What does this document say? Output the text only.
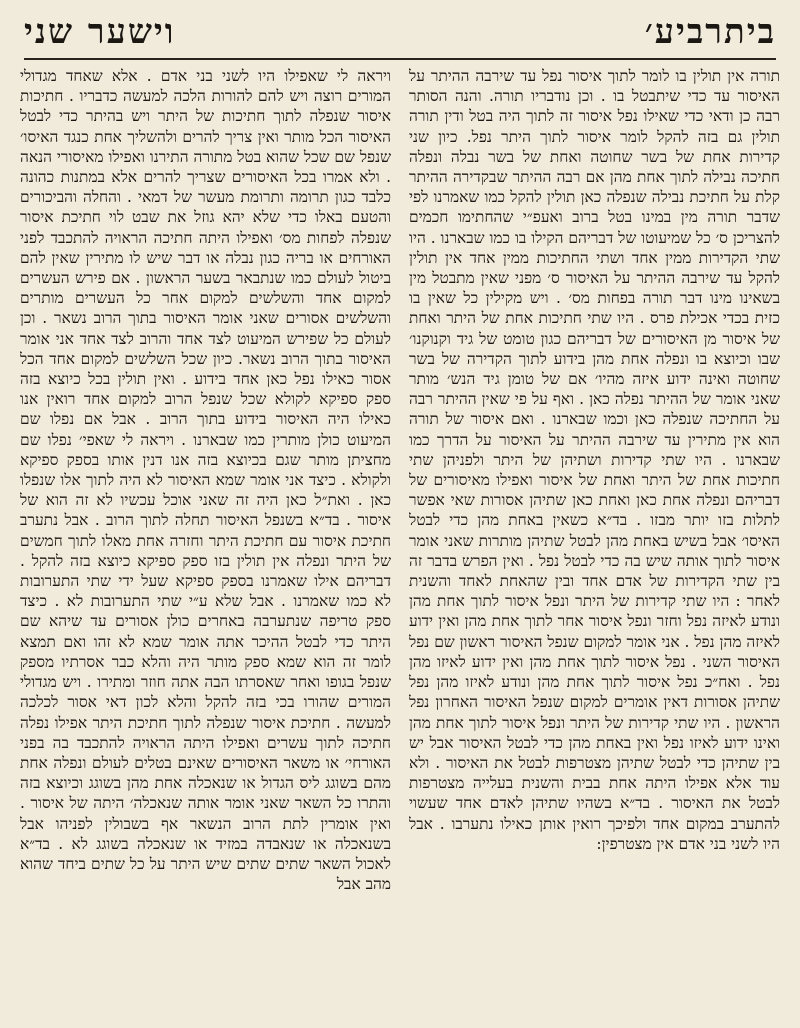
ביתרביע׳
וישער שני

תורה אין תולין בו לומר לתוך איסור נפל עד שירבה ההיתר על האיסור עד כדי שיתבטל בו . וכן נודבריו תורה. והנה הסותר רבה כן ודאי כדי שאילו נפל איסור זה לתוך היה בטל ודין תורה תולין גם בזה להקל לומר איסור לתוך היתר נפל. כיון שני קדירות אחת של בשר שחוטה ואחת של בשר נבלה ונפלה חתיכה נבילה לתוך אחת מהן אם רבה ההיתר שבקדירה ההיתר קלת על חתיכת נבילה שנפלה כאן תולין להקל כמו שאמרנו לפי שדבר תורה מין במינו בטל ברוב ואעפ״י שהחתימו חכמים להצריכן ס׳ כל שמיעוטו של דבריהם הקילו בו כמו שבארנו . היו שתי הקדירות ממין אחד ושתי החתיכות ממין אחד אין תולין להקל עד שירבה ההיתר על האיסור ס׳ מפני שאין מתבטל מין בשאינו מינו דבר תורה בפחות מס׳ . ויש מקילין כל שאין בו כזית בכדי אכילת פרס . היו שתי חתיכות אחת של היתר ואחת של איסור מן האיסורים של דבריהם כגון טומט של גיד וקנוקנו׳ שבו וכיוצא בו ונפלה אחת מהן בידוע לתוך הקדירה של בשר שחוטה ואינה ידוע איזה מהיו׳ אם של טומן גיד הנש׳ מותר שאני אומר של ההיתר נפלה כאן . ואף על פי שאין ההיתר רבה על החתיכה שנפלה כאן וכמו שבארנו . ואם איסור של תורה הוא אין מתירין עד שירבה ההיתר על האיסור על הדרך כמו שבארנו . היו שתי קדירות ושתיהן של היתר ולפניהן שתי חתיכות אחת של היתר ואחת של איסור ואפילו מאיסורים של דבריהם ונפלה אחת כאן ואחת כאן שתיהן אסורות שאי אפשר לתלות בזו יותר מבזו . בד״א כשאין באחת מהן כדי לבטל האיסו׳ אבל בשיש באחת מהן לבטל שתיהן מותרות שאני אומר איסור לתוך אותה שיש בה כדי לבטל נפל . ואין הפרש בדבר זה בין שתי הקדירות של אדם אחד ובין שהאחת לאחד והשנית לאחר : היו שתי קדירות של היתר ונפל איסור לתוך אחת מהן ונודע לאיזה נפל וחזר ונפל איסור אחר לתוך אחת מהן ואין ידוע לאיזה מהן נפל . אני אומר למקום שנפל האיסור ראשון שם נפל האיסור השני . נפל איסור לתוך אחת מהן ואין ידוע לאיזו מהן נפל . ואח״כ נפל איסור לתוך אחת מהן ונודע לאיזו מהן נפל שתיהן אסורות דאין אומרים למקום שנפל האיסור האחרון נפל הראשון . היו שתי קדירות של היתר ונפל איסור לתוך אחת מהן ואינו ידוע לאיזו נפל ואין באחת מהן כדי לבטל האיסור אבל יש בין שתיהן כדי לבטל שתיהן מצטרפות לבטל את האיסור . ולא עוד אלא אפילו היתה אחת בבית והשנית בעלייה מצטרפות לבטל את האיסור . בד״א בשהיו שתיהן לאדם אחד שעשוי להתערב במקום אחד ולפיכך רואין אותן כאילו נתערבו . אבל היו לשני בני אדם אין מצטרפין:

ויראה לי שאפילו היו לשני בני אדם . אלא שאחד מגדולי המורים רוצה ויש להם להורות הלכה למעשה כדבריו . חתיכות איסור שנפלה לתוך חתיכות של היתר ויש בהיתר כדי לבטל האיסור הכל מותר ואין צריך להרים ולהשליך אחת כנגד האיסו׳ שנפל שם שכל שהוא בטל מתורה התירנו ואפילו מאיסורי הנאה . ולא אמרו בכל האיסורים שצריך להרים אלא במתנות כהונה כלבד כגון תרומה ותרומת מעשר של דמאי . והחלה והביכורים והטעם באלו כדי שלא יהא גוזל את שבט לוי חתיכת איסור שנפלה לפחות מס׳ ואפילו היתה חתיכה הראויה להתכבד לפני האורחים או בריה כגון נבלה או דבר שיש לו מתירין שאין להם ביטול לעולם כמו שנתבאר בשער הראשון . אם פירש העשרים למקום אחד והשלשים למקום אחר כל העשרים מותרים והשלשים אסורים שאני אומר האיסור בתוך הרוב נשאר . וכן לעולם כל שפירש המיעוט לצד אחד והרוב לצד אחד אני אומר האיסור בתוך הרוב נשאר. כיון שכל השלשים למקום אחד הכל אסור כאילו נפל כאן אחד בידוע . ואין תולין בכל כיוצא בזה ספק ספיקא לקולא שכל שנפל הרוב למקום אחד רואין אנו כאילו היה האיסור בידוע בתוך הרוב . אבל אם נפלו שם המיעוט כולן מותרין כמו שבארנו . ויראה לי שאפי׳ נפלו שם מחציתן מותר שגם בכיוצא בזה אנו דנין אותו בספק ספיקא ולקולא . כיצד אני אומר שמא האיסור לא היה לתוך אלו שנפלו כאן . ואת״ל כאן היה זה שאני אוכל עכשיו לא זה הוא של איסור . בד״א בשנפל האיסור תחלה לתוך הרוב . אבל נתערב חתיכת איסור עם חתיכת היתר וחזרה אחת מאלו לתוך חמשים של היתר ונפלה אין תולין בזו ספק ספיקא כיוצא בזה להקל . דבריהם אילו שאמרנו בספק ספיקא שעל ידי שתי התערובות לא כמו שאמרנו . אבל שלא ע״י שתי התערובות לא . כיצד ספק טריפה שנתערבה באחרים כולן אסורים עד שיהא שם היתר כדי לבטל ההיכר אתה אומר שמא לא זהו ואם תמצא לומר זה הוא שמא ספק מותר היה והלא כבר אסרתיו מספק שנפל בגופו ואחר שאסרתו הבה אתה חוזר ומתירו . ויש מגדולי המורים שהורו בכי בזה להקל והלא לכון דאי אסור לכלכה למעשה . חתיכת איסור שנפלה לתוך חתיכת היתר אפילו נפלה חתיכה לתוך עשרים ואפילו היתה הראויה להתכבד בה בפני האורחי׳ או משאר האיסורים שאינם בטלים לעולם ונפלה אחת מהם בשוגג ליס הגדול או שנאכלה אחת מהן בשוגג וכיוצא בזה והתרו כל השאר שאני אומר אותה שנאכלה׳ היתה של איסור . ואין אומרין לתת הרוב הנשאר אף בשבולין לפניהו אבל בשנאכלה או שנאבדה במזיד או שנאכלה בשוגג לא . בד״א לאכול השאר שתים שתים שיש היתר על כל שתים ביחד שהוא מהב אבל
